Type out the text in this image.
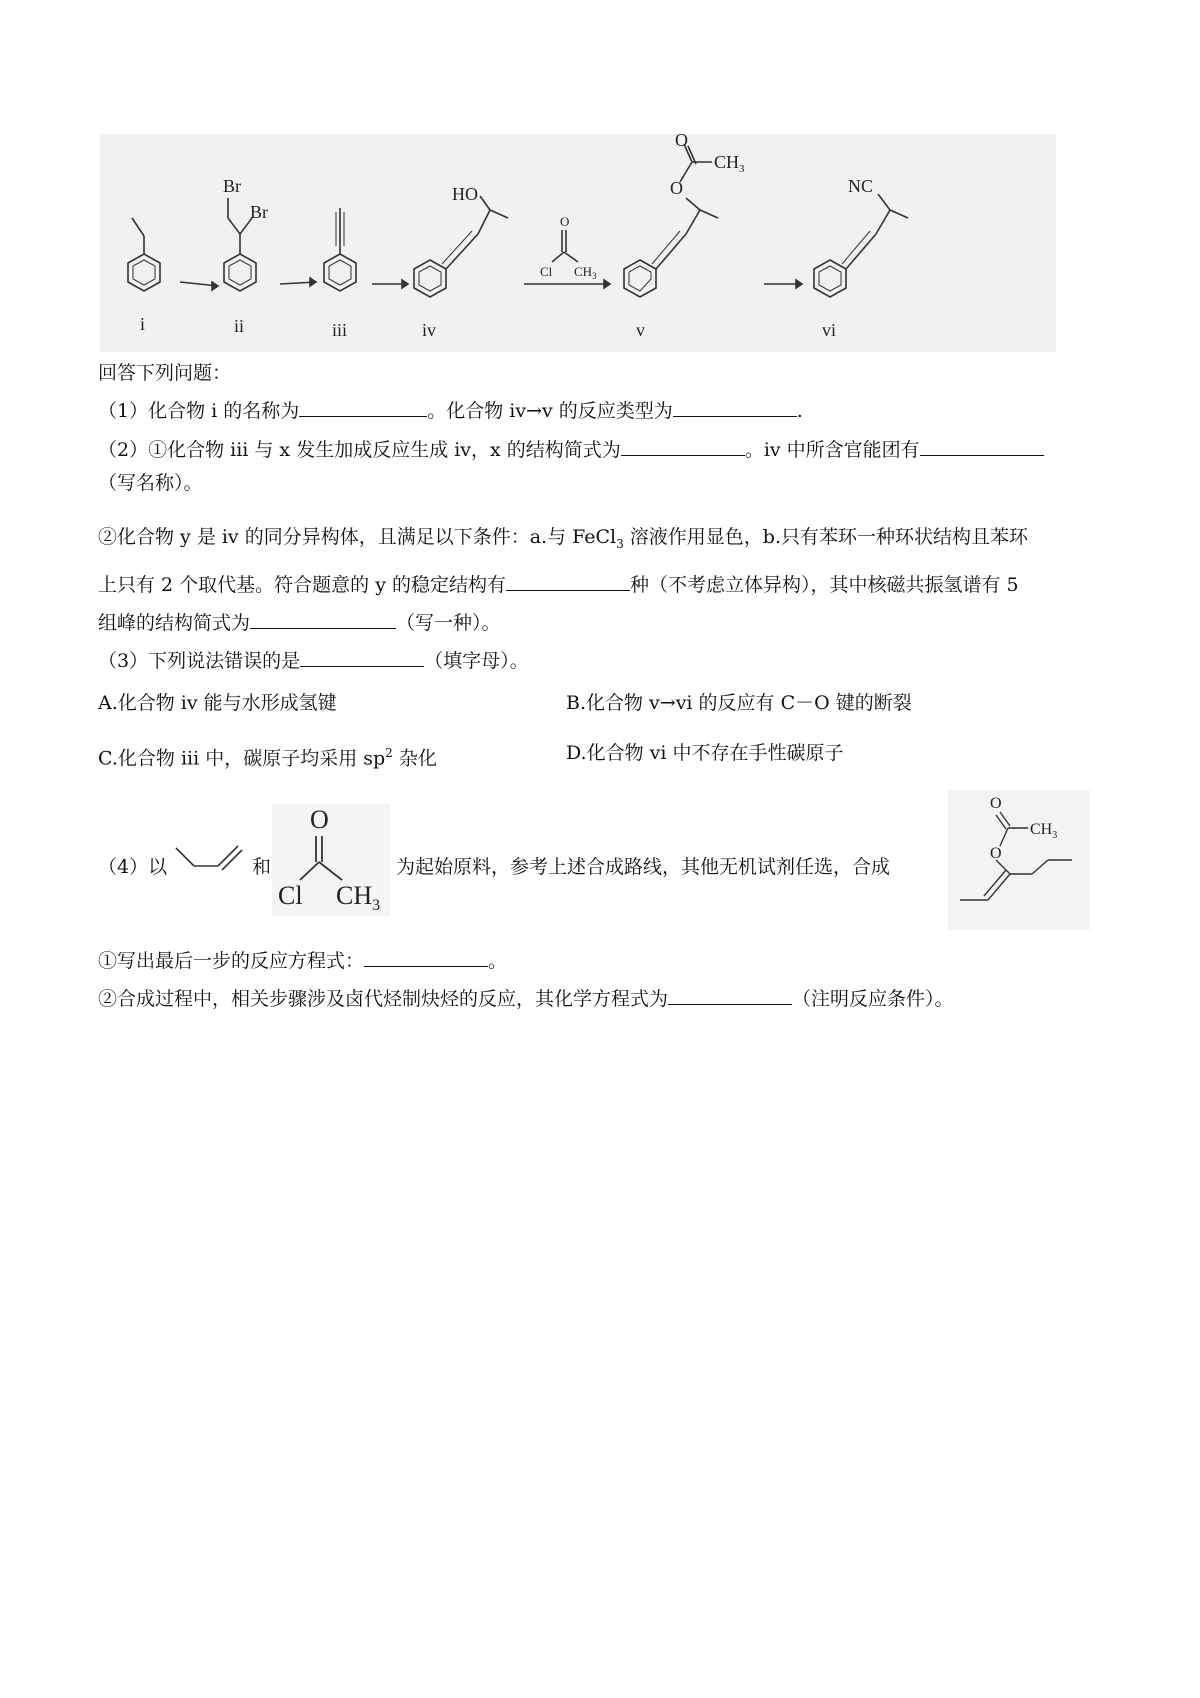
Br
Br
HO
O
O
$CH_3$
NC
O
Cl $CH_3$
i	ii	iii	iv	v	vi
回答下列问题：
（1）化合物 i 的名称为	。化合物 iv→v 的反应类型为	.
（2）①化合物 iii 与 x 发生加成反应生成 iv，x 的结构简式为	。iv 中所含官能团有
（写名称）。
②化合物 y 是 iv 的同分异构体，且满足以下条件：a.与 FeCl$_3$ 溶液作用显色，b.只有苯环一种环状结构且苯环
上只有 2 个取代基。符合题意的 y 的稳定结构有	种（不考虑立体异构），其中核磁共振氢谱有 5
组峰的结构简式为	（写一种）。
（3）下列说法错误的是	（填字母）。
A.化合物 iv 能与水形成氢键	B.化合物 v→vi 的反应有 C－O 键的断裂
C.化合物 iii 中，碳原子均采用 $sp^2$ 杂化	D.化合物 vi 中不存在手性碳原子
（4）以	和
O
Cl $CH_3$
为起始原料，参考上述合成路线，其他无机试剂任选，合成
O
O
$CH_3$
①写出最后一步的反应方程式：	。
②合成过程中，相关步骤涉及卤代烃制炔烃的反应，其化学方程式为	（注明反应条件）。
